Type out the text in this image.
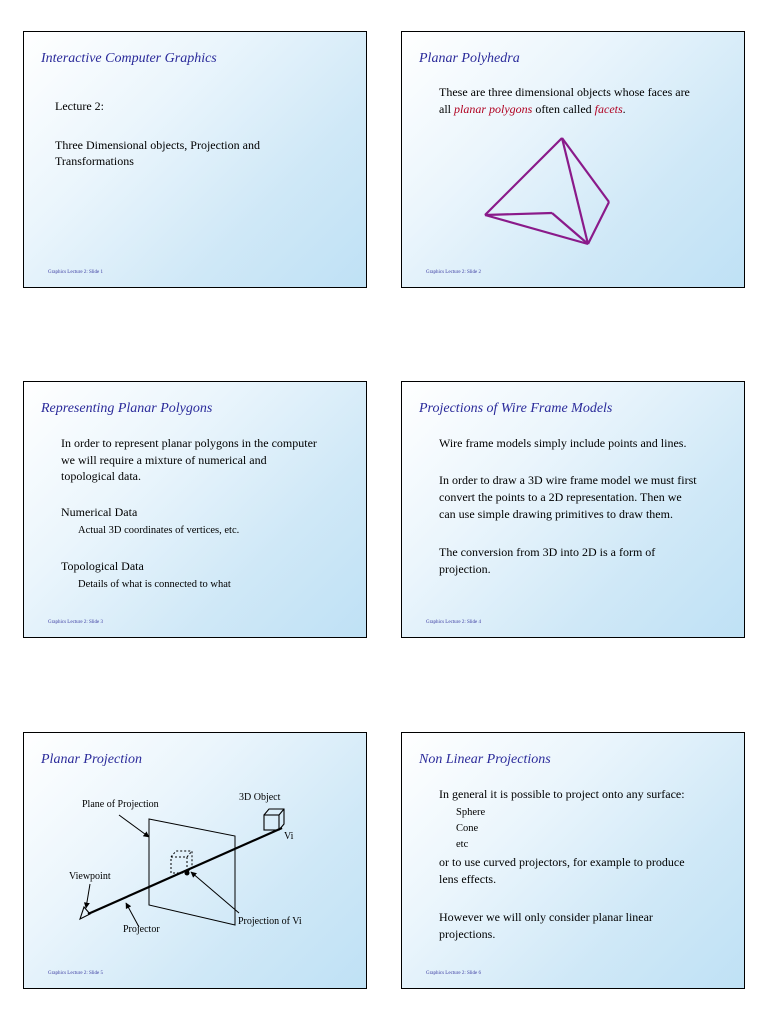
Interactive Computer Graphics
Lecture 2:
Three Dimensional objects, Projection and
Transformations
Graphics Lecture 2: Slide 1
Planar Polyhedra
These are three dimensional objects whose faces are
all planar polygons often called facets.
Graphics Lecture 2: Slide 2
Representing Planar Polygons
In order to represent planar polygons in the computer
we will require a mixture of numerical and
topological data.
Numerical Data
Actual 3D coordinates of vertices, etc.
Topological Data
Details of what is connected to what
Graphics Lecture 2: Slide 3
Projections of Wire Frame Models
Wire frame models simply include points and lines.
In order to draw a 3D wire frame model we must first
convert the points to a 2D representation. Then we
can use simple drawing primitives to draw them.
The conversion from 3D into 2D is a form of
projection.
Graphics Lecture 2: Slide 4
Planar Projection
Plane of Projection
3D Object
Vi
Viewpoint
Projector
Projection of Vi
Graphics Lecture 2: Slide 5
Non Linear Projections
In general it is possible to project onto any surface:
Sphere
Cone
etc
or to use curved projectors, for example to produce
lens effects.
However we will only consider planar linear
projections.
Graphics Lecture 2: Slide 6
